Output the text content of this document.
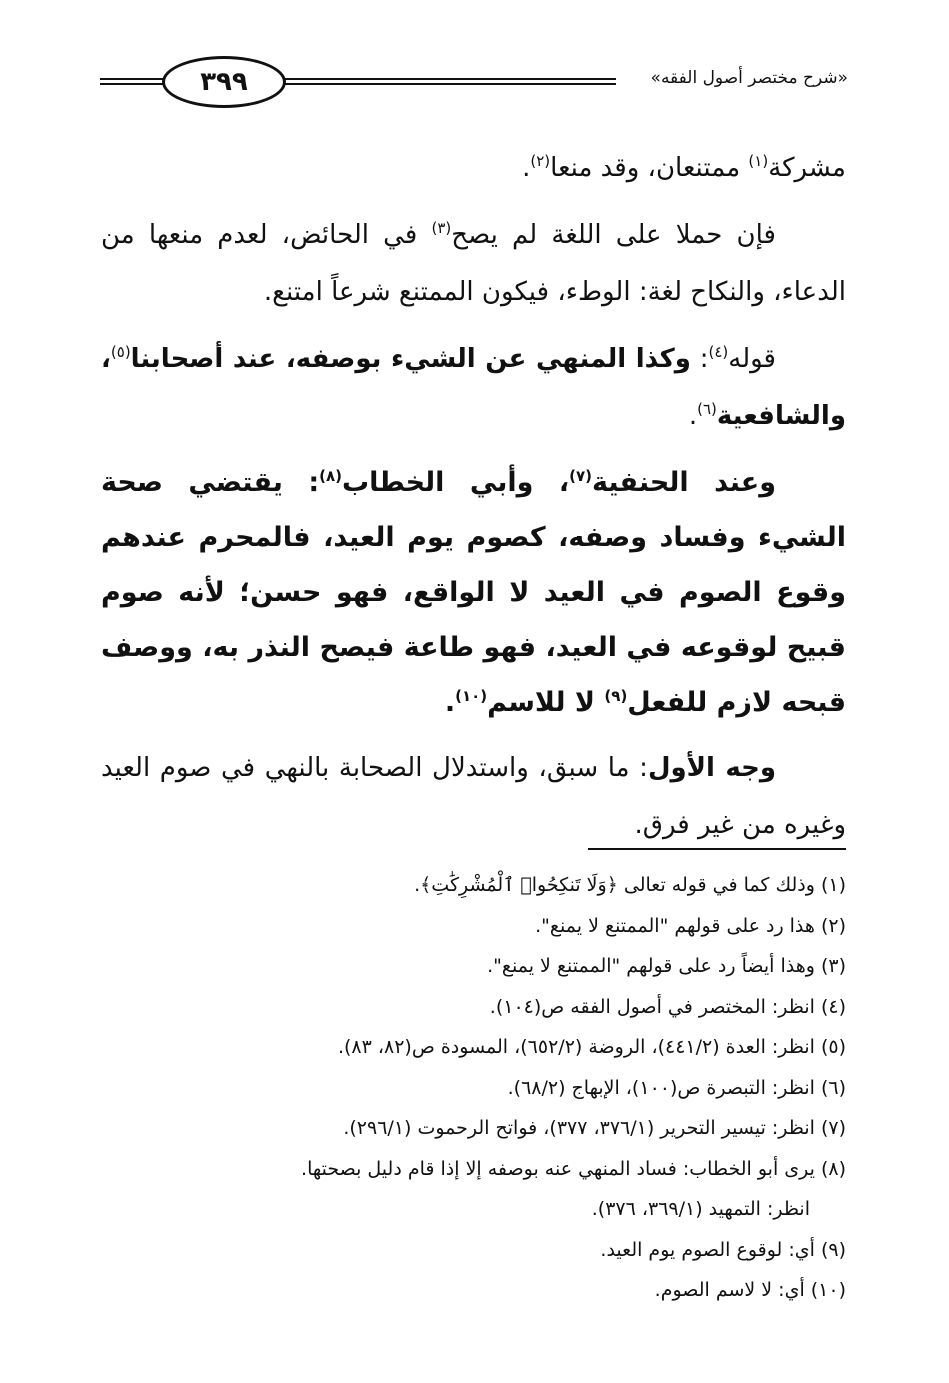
٣٩٩	«شرح مختصر أصول الفقه»

مشركة$^{(١)}$ ممتنعان، وقد منعا$^{(٢)}$.

فإن حملا على اللغة لم يصح$^{(٣)}$ في الحائض، لعدم منعها من الدعاء، والنكاح لغة: الوطء، فيكون الممتنع شرعاً امتنع.

قوله$^{(٤)}$: وكذا المنهي عن الشيء بوصفه، عند أصحابنا$^{(٥)}$، والشافعية$^{(٦)}$.

وعند الحنفية$^{(٧)}$، وأبي الخطاب$^{(٨)}$: يقتضي صحة الشيء وفساد وصفه، كصوم يوم العيد، فالمحرم عندهم وقوع الصوم في العيد لا الواقع، فهو حسن؛ لأنه صوم قبيح لوقوعه في العيد، فهو طاعة فيصح النذر به، ووصف قبحه لازم للفعل$^{(٩)}$ لا للاسم$^{(١٠)}$.

وجه الأول: ما سبق، واستدلال الصحابة بالنهي في صوم العيد وغيره من غير فرق.

(١)وذلك كما في قوله تعالى ﴿وَلَا تَنكِحُوا۟ ٱلْمُشْرِكَٰتِ﴾.
(٢)هذا رد على قولهم "الممتنع لا يمنع".
(٣)وهذا أيضاً رد على قولهم "الممتنع لا يمنع".
(٤)انظر: المختصر في أصول الفقه ص(١٠٤).
(٥)انظر: العدة (٤٤١/٢)، الروضة (٦٥٢/٢)، المسودة ص(٨٢، ٨٣).
(٦)انظر: التبصرة ص(١٠٠)، الإبهاج (٦٨/٢).
(٧)انظر: تيسير التحرير (٣٧٦/١، ٣٧٧)، فواتح الرحموت (٢٩٦/١).
(٨)يرى أبو الخطاب: فساد المنهي عنه بوصفه إلا إذا قام دليل بصحتها.
انظر: التمهيد (٣٦٩/١، ٣٧٦).
(٩)أي: لوقوع الصوم يوم العيد.
(١٠)أي: لا لاسم الصوم.
